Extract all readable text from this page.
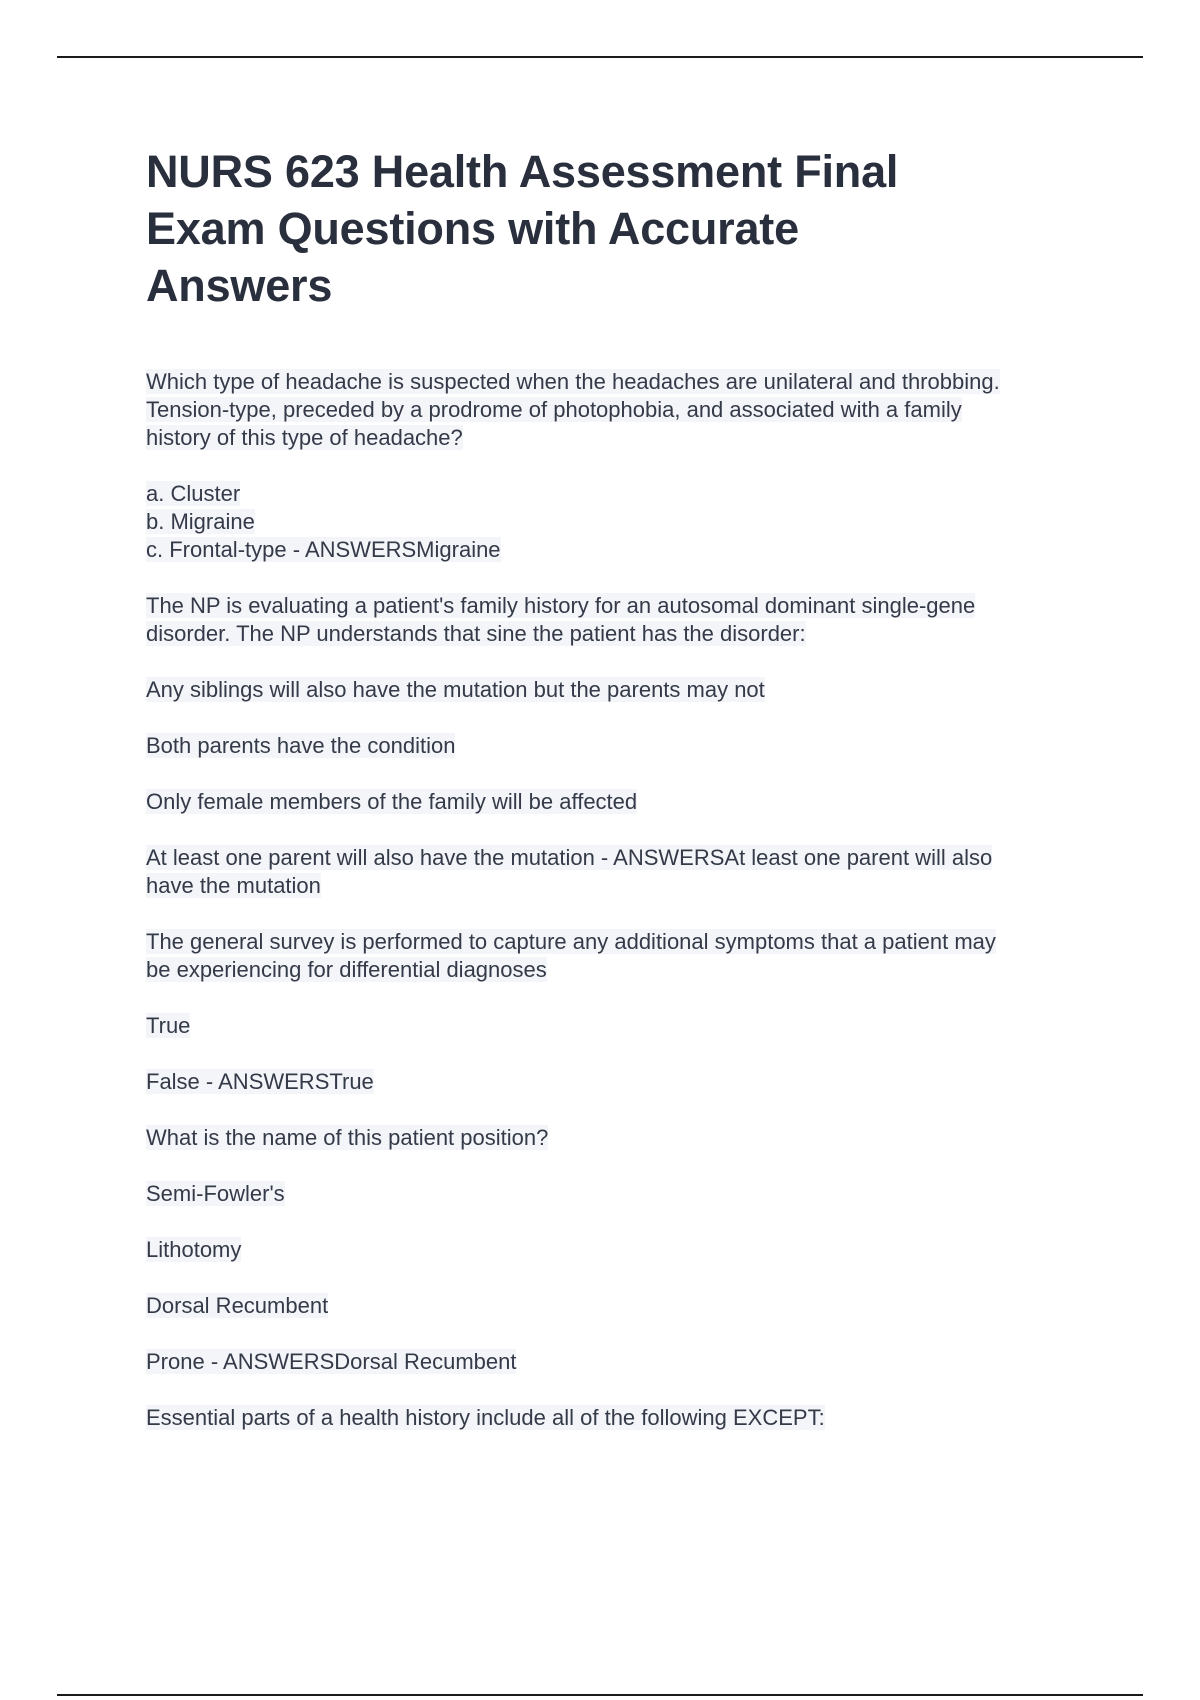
NURS 623 Health Assessment Final
Exam Questions with Accurate
Answers
Which type of headache is suspected when the headaches are unilateral and throbbing.
Tension-type, preceded by a prodrome of photophobia, and associated with a family
history of this type of headache?
a. Cluster
b. Migraine
c. Frontal-type - ANSWERSMigraine
The NP is evaluating a patient's family history for an autosomal dominant single-gene
disorder. The NP understands that sine the patient has the disorder:
Any siblings will also have the mutation but the parents may not
Both parents have the condition
Only female members of the family will be affected
At least one parent will also have the mutation - ANSWERSAt least one parent will also
have the mutation
The general survey is performed to capture any additional symptoms that a patient may
be experiencing for differential diagnoses
True
False - ANSWERSTrue
What is the name of this patient position?
Semi-Fowler's
Lithotomy
Dorsal Recumbent
Prone - ANSWERSDorsal Recumbent
Essential parts of a health history include all of the following EXCEPT:
